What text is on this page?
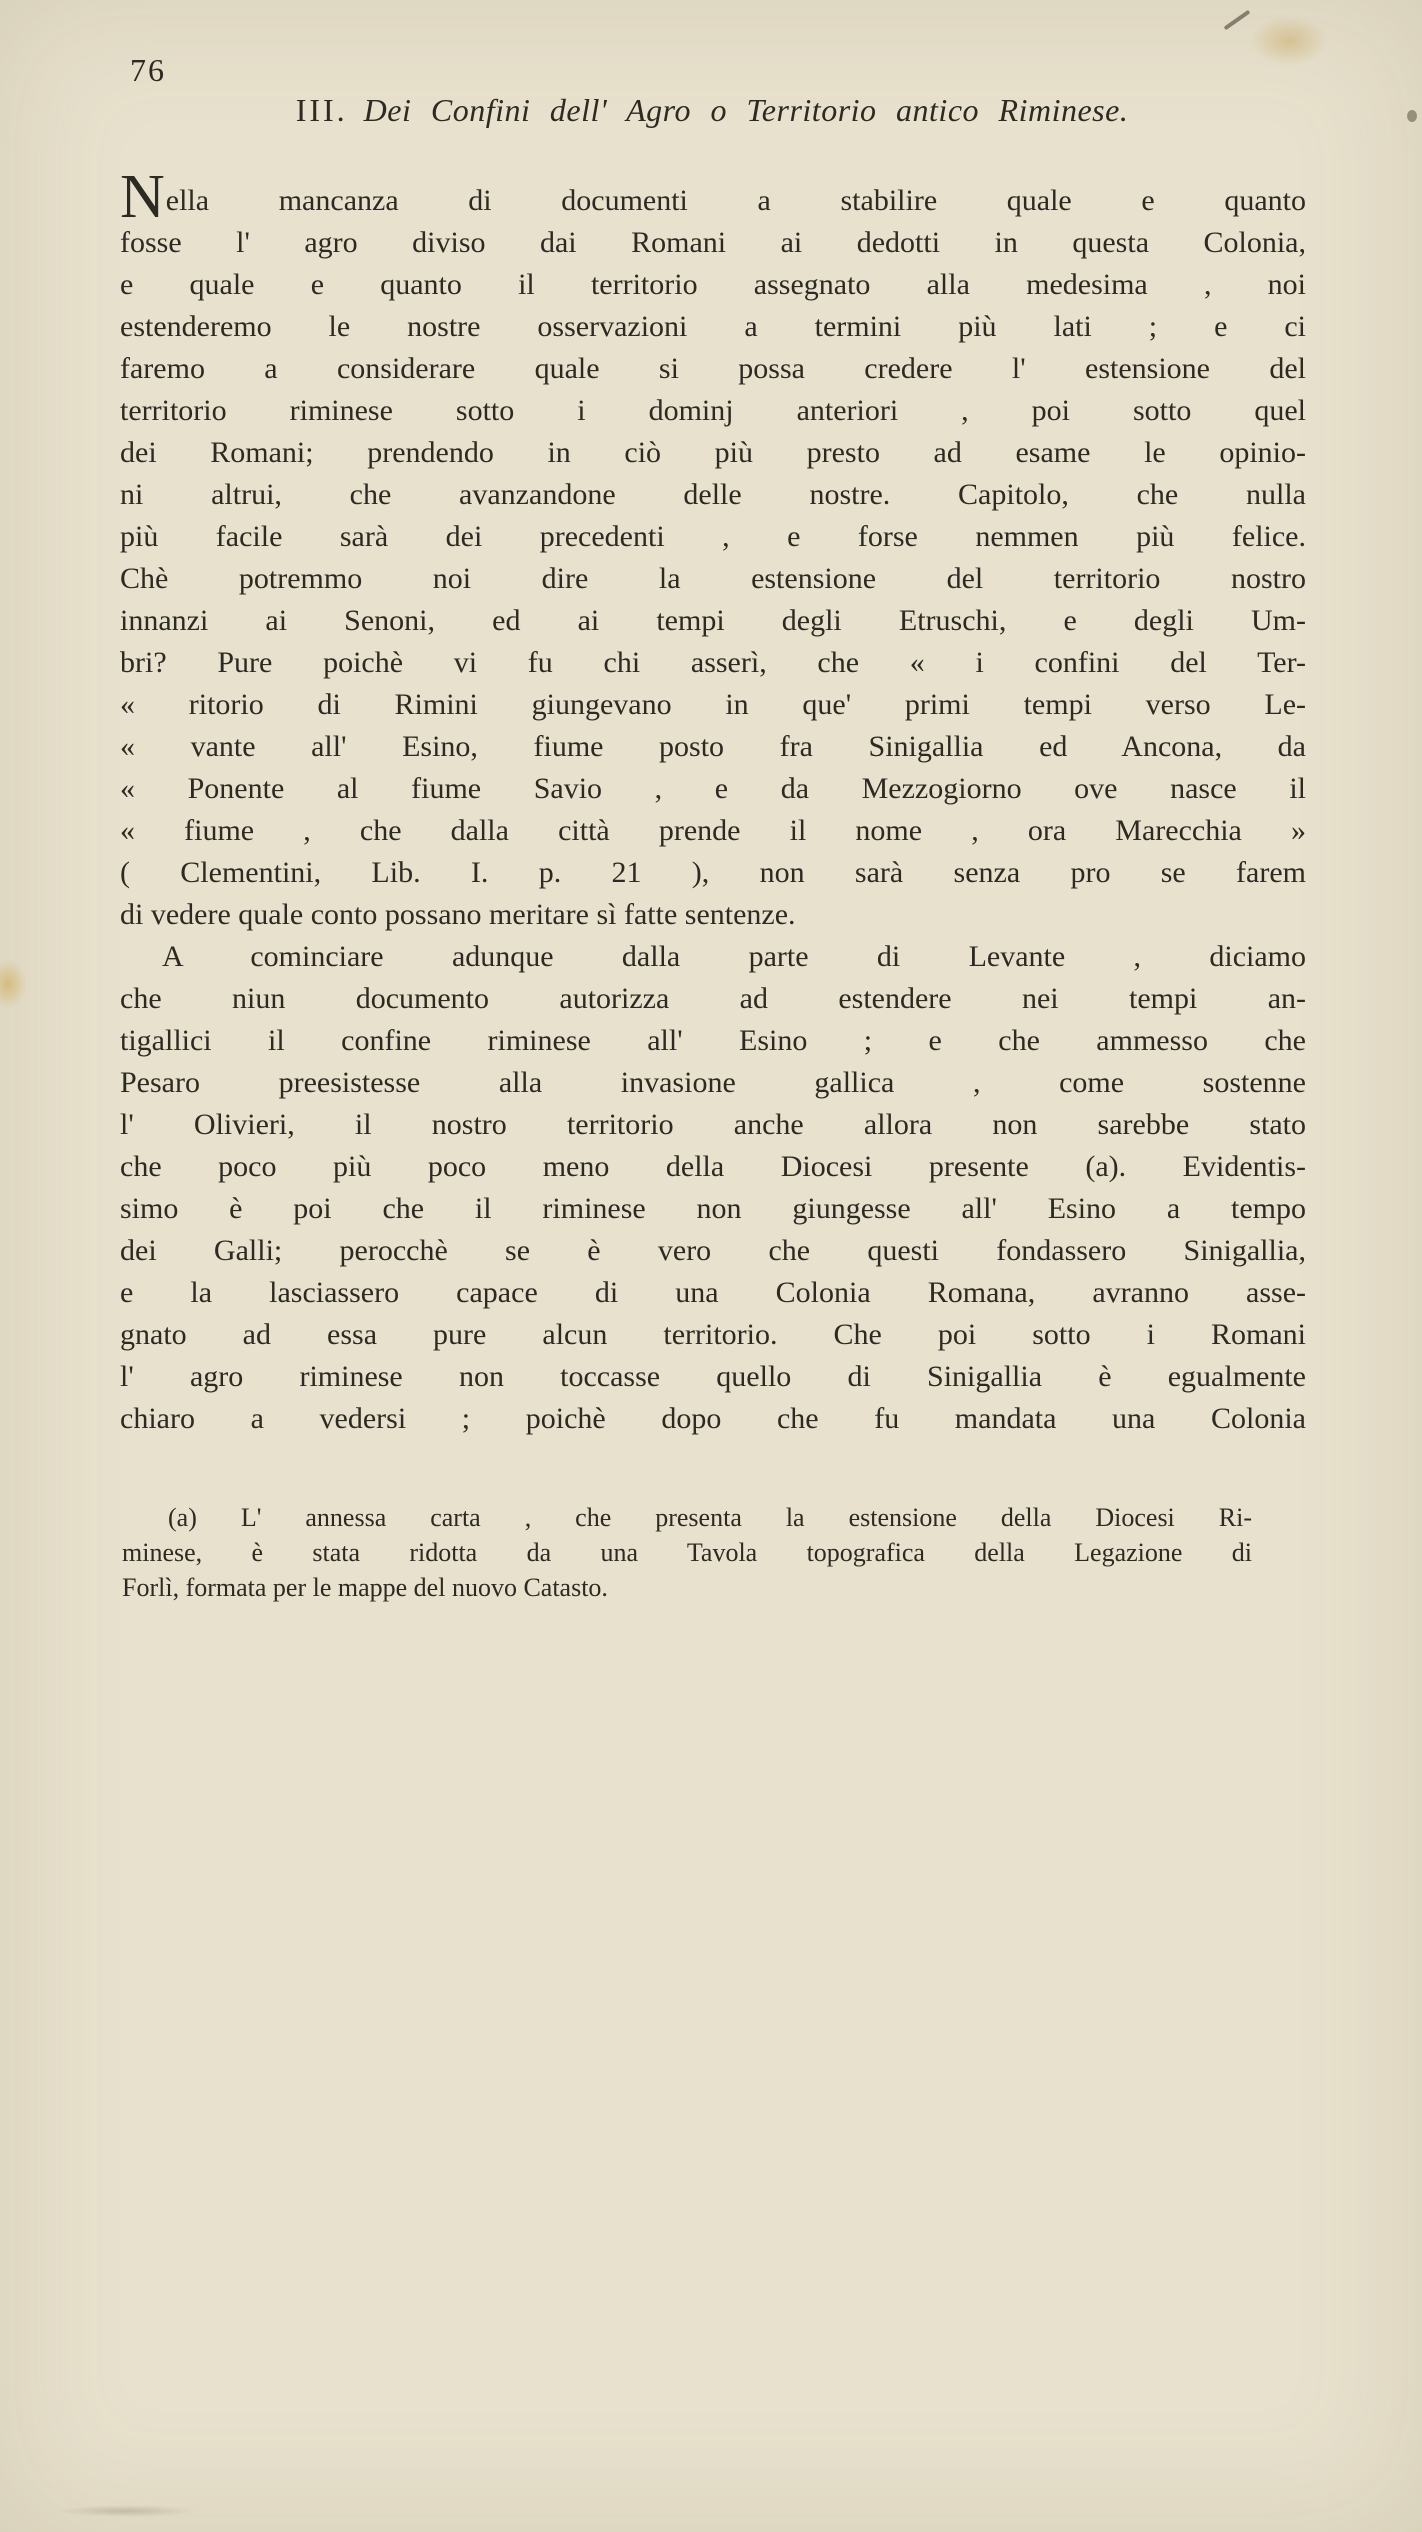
76
III. Dei Confini dell' Agro o Territorio antico Riminese.
Nella mancanza di documenti a stabilire quale e quanto
fosse l' agro diviso dai Romani ai dedotti in questa Colonia,
e quale e quanto il territorio assegnato alla medesima , noi
estenderemo le nostre osservazioni a termini più lati ; e ci
faremo a considerare quale si possa credere l' estensione del
territorio riminese sotto i dominj anteriori , poi sotto quel
dei Romani; prendendo in ciò più presto ad esame le opinio-
ni altrui, che avanzandone delle nostre. Capitolo, che nulla
più facile sarà dei precedenti , e forse nemmen più felice.
Chè potremmo noi dire la estensione del territorio nostro
innanzi ai Senoni, ed ai tempi degli Etruschi, e degli Um-
bri? Pure poichè vi fu chi asserì, che « i confini del Ter-
« ritorio di Rimini giungevano in que' primi tempi verso Le-
« vante all' Esino, fiume posto fra Sinigallia ed Ancona, da
« Ponente al fiume Savio , e da Mezzogiorno ove nasce il
« fiume , che dalla città prende il nome , ora Marecchia »
( Clementini, Lib. I. p. 21 ), non sarà senza pro se farem
di vedere quale conto possano meritare sì fatte sentenze.
A cominciare adunque dalla parte di Levante , diciamo
che niun documento autorizza ad estendere nei tempi an-
tigallici il confine riminese all' Esino ; e che ammesso che
Pesaro preesistesse alla invasione gallica , come sostenne
l' Olivieri, il nostro territorio anche allora non sarebbe stato
che poco più poco meno della Diocesi presente (a). Evidentis-
simo è poi che il riminese non giungesse all' Esino a tempo
dei Galli; perocchè se è vero che questi fondassero Sinigallia,
e la lasciassero capace di una Colonia Romana, avranno asse-
gnato ad essa pure alcun territorio. Che poi sotto i Romani
l' agro riminese non toccasse quello di Sinigallia è egualmente
chiaro a vedersi ; poichè dopo che fu mandata una Colonia
(a) L' annessa carta , che presenta la estensione della Diocesi Ri-
minese, è stata ridotta da una Tavola topografica della Legazione di
Forlì, formata per le mappe del nuovo Catasto.
